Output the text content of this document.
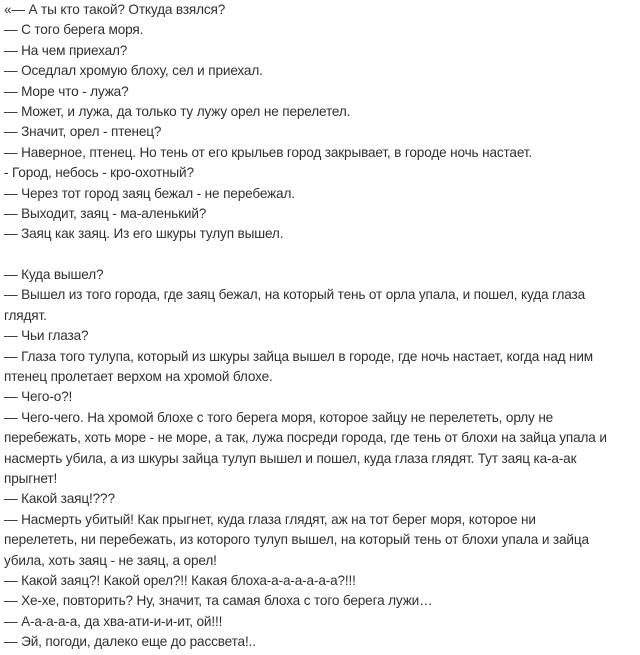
«— А ты кто такой? Откуда взялся?
— С того берега моря.
— На чем приехал?
— Оседлал хромую блоху, сел и приехал.
— Море что - лужа?
— Может, и лужа, да только ту лужу орел не перелетел.
— Значит, орел - птенец?
— Наверное, птенец. Но тень от его крыльев город закрывает, в городе ночь настает.
- Город, небось - кро-охотный?
— Через тот город заяц бежал - не перебежал.
— Выходит, заяц - ма-аленький?
— Заяц как заяц. Из его шкуры тулуп вышел.
— Куда вышел?
— Вышел из того города, где заяц бежал, на который тень от орла упала, и пошел, куда глаза
глядят.
— Чьи глаза?
— Глаза того тулупа, который из шкуры зайца вышел в городе, где ночь настает, когда над ним
птенец пролетает верхом на хромой блохе.
— Чего-о?!
— Чего-чего. На хромой блохе с того берега моря, которое зайцу не перелететь, орлу не
перебежать, хоть море - не море, а так, лужа посреди города, где тень от блохи на зайца упала и
насмерть убила, а из шкуры зайца тулуп вышел и пошел, куда глаза глядят. Тут заяц ка-а-ак
прыгнет!
— Какой заяц!???
— Насмерть убитый! Как прыгнет, куда глаза глядят, аж на тот берег моря, которое ни
перелететь, ни перебежать, из которого тулуп вышел, на который тень от блохи упала и зайца
убила, хоть заяц - не заяц, а орел!
— Какой заяц?! Какой орел?!! Какая блоха-а-а-а-а-а-а?!!!
— Хе-хе, повторить? Ну, значит, та самая блоха с того берега лужи…
— А-а-а-а-а, да хва-ати-и-и-ит, ой!!!
— Эй, погоди, далеко еще до рассвета!..
